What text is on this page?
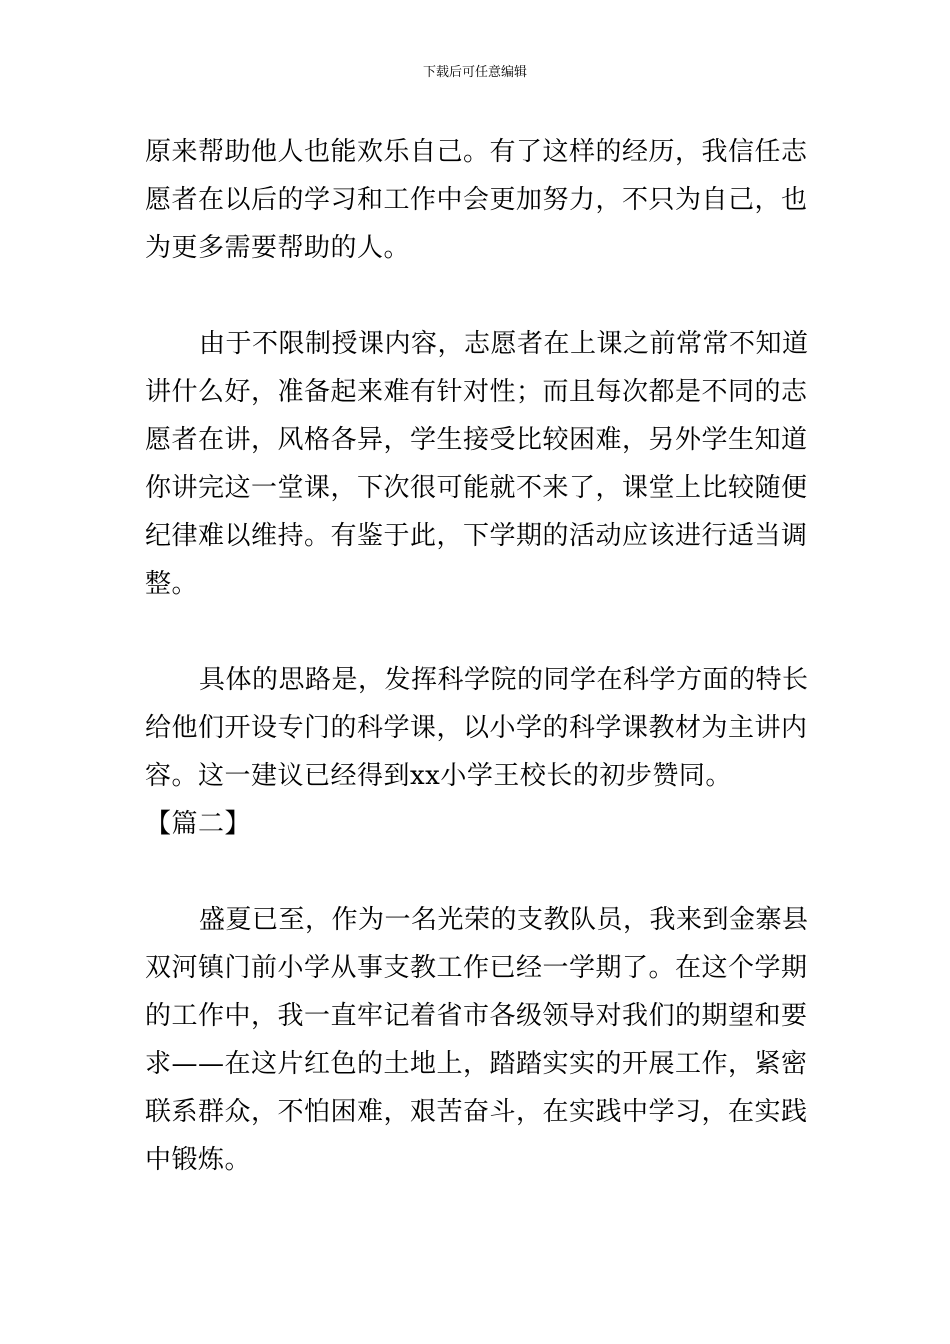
下载后可任意编辑

原来帮助他人也能欢乐自己。有了这样的经历，我信任志愿者在以后的学习和工作中会更加努力，不只为自己，也为更多需要帮助的人。

由于不限制授课内容，志愿者在上课之前常常不知道讲什么好，准备起来难有针对性；而且每次都是不同的志愿者在讲，风格各异，学生接受比较困难，另外学生知道你讲完这一堂课，下次很可能就不来了，课堂上比较随便纪律难以维持。有鉴于此，下学期的活动应该进行适当调整。

具体的思路是，发挥科学院的同学在科学方面的特长给他们开设专门的科学课，以小学的科学课教材为主讲内容。这一建议已经得到xx小学王校长的初步赞同。

【篇二】

盛夏已至，作为一名光荣的支教队员，我来到金寨县双河镇门前小学从事支教工作已经一学期了。在这个学期的工作中，我一直牢记着省市各级领导对我们的期望和要求——在这片红色的土地上，踏踏实实的开展工作，紧密联系群众，不怕困难，艰苦奋斗，在实践中学习，在实践中锻炼。
